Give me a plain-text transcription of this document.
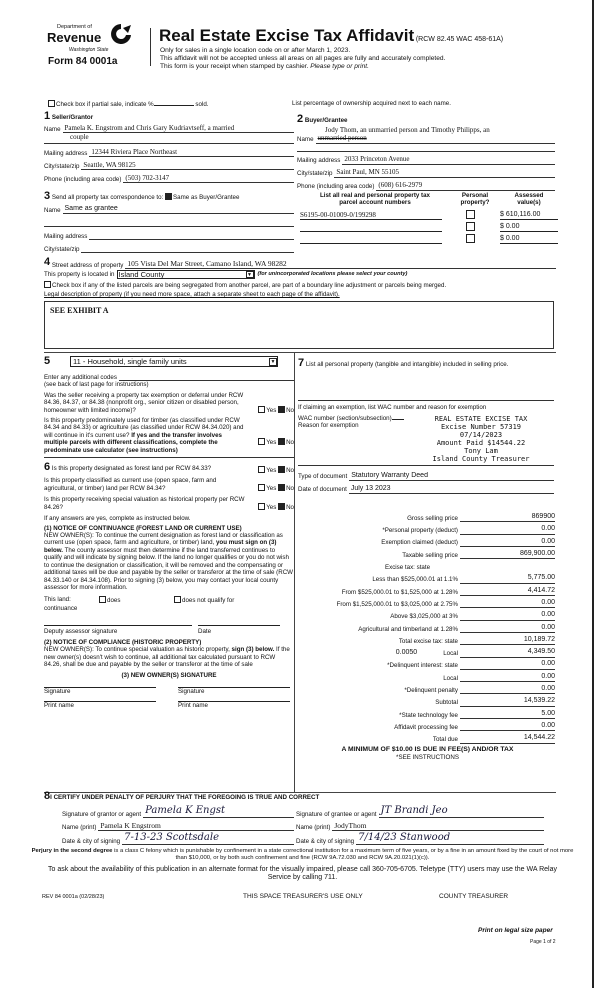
Department of
Revenue
Washington State
Form 84 0001a
Real Estate Excise Tax Affidavit (RCW 82.45 WAC 458-61A)
Only for sales in a single location code on or after March 1, 2023.
This affidavit will not be accepted unless all areas on all pages are fully and accurately completed.
This form is your receipt when stamped by cashier. Please type or print.
Check box if partial sale, indicate %	sold.	List percentage of ownership acquired next to each name.
1 Seller/Grantor
Name Pamela K. Engstrom and Chris Gary Kudriavtseff, a married
couple
Mailing address 12344 Riviera Place Northeast
City/state/zip Seattle, WA 98125
Phone (including area code) (503) 702-3147
2 Buyer/Grantee
Jody Thom, an unmarried person and Timothy Philipps, an
Name unmarried person
Mailing address 2033 Princeton Avenue
City/state/zip Saint Paul, MN 55105
Phone (including area code) (608) 616-2979
3 Send all property tax correspondence to: Same as Buyer/Grantee
Name Same as grantee
Mailing address
City/state/zip
List all real and personal property tax
parcel account numbers
Personal
property?
Assessed
value(s)
S6195-00-01009-0/199298	$ 610,116.00
$ 0.00
$ 0.00
4
Street address of property 105 Vista Del Mar Street, Camano Island, WA 98282
This property is located in Island County	▼ (for unincorporated locations please select your county)
Check box if any of the listed parcels are being segregated from another parcel, are part of a boundary line adjustment or parcels being merged.
Legal description of property (if you need more space, attach a separate sheet to each page of the affidavit).
SEE EXHIBIT A
5	11 - Household, single family units	▼
Enter any additional codes
(see back of last page for instructions)
Was the seller receiving a property tax exemption or deferral under RCW 84.36, 84.37, or 84.38 (nonprofit org., senior citizen or disabled person, homeowner with limited income)?	Yes No
Is this property predominately used for timber (as classified under RCW 84.34 and 84.33) or agriculture (as classified under RCW 84.34.020) and will continue in it's current use? If yes and the transfer involves multiple parcels with different classifications, complete the predominate use calculator (see instructions)
Yes No
6 Is this property designated as forest land per RCW 84.33?	Yes No
Is this property classified as current use (open space, farm and agricultural, or timber) land per RCW 84.34?	Yes No
Is this property receiving special valuation as historical property per RCW 84.26?	Yes No
If any answers are yes, complete as instructed below.
(1) NOTICE OF CONTINUANCE (FOREST LAND OR CURRENT USE)
NEW OWNER(S): To continue the current designation as forest land or classification as current use (open space, farm and agriculture, or timber) land, you must sign on (3) below. The county assessor must then determine if the land transferred continues to qualify and will indicate by signing below. If the land no longer qualifies or you do not wish to continue the designation or classification, it will be removed and the compensating or additional taxes will be due and payable by the seller or transferor at the time of sale (RCW 84.33.140 or 84.34.108). Prior to signing (3) below, you may contact your local county assessor for more information.
This land:	does	does not qualify for
continuance
Deputy assessor signature	Date
(2) NOTICE OF COMPLIANCE (HISTORIC PROPERTY)
NEW OWNER(S): To continue special valuation as historic property, sign (3) below. If the new owner(s) doesn't wish to continue, all additional tax calculated pursuant to RCW 84.26, shall be due and payable by the seller or transferor at the time of sale
(3) NEW OWNER(S) SIGNATURE
Signature	Signature
Print name	Print name
7 List all personal property (tangible and intangible) included in selling price.
If claiming an exemption, list WAC number and reason for exemption
WAC number (section/subsection)
Reason for exemption
REAL ESTATE EXCISE TAX
Excise Number 57319
07/14/2023
Amount Paid $14544.22
Tony Lam
Island County Treasurer
Type of document Statutory Warranty Deed
Date of document July 13 2023
Gross selling price	869900
*Personal property (deduct)	0.00
Exemption claimed (deduct)	0.00
Taxable selling price	869,900.00
Excise tax: state
Less than $525,000.01 at 1.1%	5,775.00
From $525,000.01 to $1,525,000 at 1.28%	4,414.72
From $1,525,000.01 to $3,025,000 at 2.75%	0.00
Above $3,025,000 at 3%	0.00
Agricultural and timberland at 1.28%	0.00
Total excise tax: state	10,189.72
0.0050	Local	4,349.50
*Delinquent interest: state	0.00
Local	0.00
*Delinquent penalty	0.00
Subtotal	14,539.22
*State technology fee	5.00
Affidavit processing fee	0.00
Total due	14,544.22
A MINIMUM OF $10.00 IS DUE IN FEE(S) AND/OR TAX
*SEE INSTRUCTIONS
8I CERTIFY UNDER PENALTY OF PERJURY THAT THE FOREGOING IS TRUE AND CORRECT
Signature of grantor or agent Pamela K Engst
Name (print) Pamela K Engstrom
Date & city of signing 7-13-23 Scottsdale
Signature of grantee or agent JT Brandi Jeo
Name (print) JodyThom
Date & city of signing 7/14/23 Stanwood
Perjury in the second degree is a class C felony which is punishable by confinement in a state correctional institution for a maximum term of five years, or by a fine in an amount fixed by the court of not more than $10,000, or by both such confinement and fine (RCW 9A.72.030 and RCW 9A.20.021(1)(c)).
To ask about the availability of this publication in an alternate format for the visually impaired, please call 360-705-6705. Teletype (TTY) users may use the WA Relay Service by calling 711.
REV 84 0001a (02/28/23)	THIS SPACE TREASURER'S USE ONLY	COUNTY TREASURER
Print on legal size paper
Page 1 of 2
